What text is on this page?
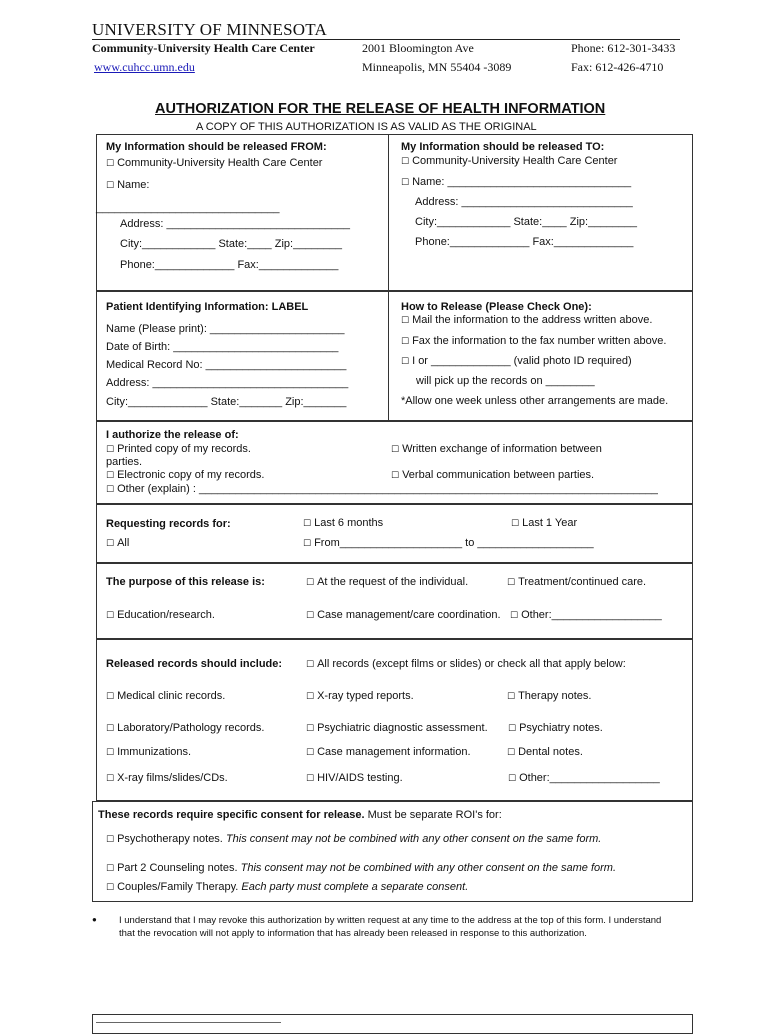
UNIVERSITY OF MINNESOTA
Community-University Health Care Center
www.cuhcc.umn.edu
2001 Bloomington Ave
Minneapolis, MN 55404 -3089
Phone: 612-301-3433
Fax: 612-426-4710
AUTHORIZATION FOR THE RELEASE OF HEALTH INFORMATION
A COPY OF THIS AUTHORIZATION IS AS VALID AS THE ORIGINAL
My Information should be released FROM:
☐ Community-University Health Care Center
☐ Name:
______________________________
Address: ______________________________
City:____________ State:____ Zip:________
Phone:_____________ Fax:_____________
My Information should be released TO:
☐ Community-University Health Care Center
☐ Name: ______________________________
Address: ____________________________
City:____________ State:____ Zip:________
Phone:_____________ Fax:_____________
Patient Identifying Information: LABEL
Name (Please print): ______________________
Date of Birth: ___________________________
Medical Record No: _______________________
Address: ________________________________
City:_____________ State:_______ Zip:_______
How to Release (Please Check One):
☐ Mail the information to the address written above.
☐ Fax the information to the fax number written above.
☐ I or _____________ (valid photo ID required)
will pick up the records on ________
*Allow one week unless other arrangements are made.
I authorize the release of:
☐ Printed copy of my records.	☐ Written exchange of information between
parties.
☐ Electronic copy of my records.	☐ Verbal communication between parties.
☐ Other (explain) : ___________________________________________________________________________
Requesting records for:	☐ Last 6 months	☐ Last 1 Year
☐ All	☐ From____________________ to ___________________
The purpose of this release is:	☐ At the request of the individual.	☐ Treatment/continued care.
☐ Education/research.	☐ Case management/care coordination. ☐ Other:__________________
Released records should include:	☐ All records (except films or slides) or check all that apply below:
☐ Medical clinic records.	☐ X-ray typed reports.	☐ Therapy notes.
☐ Laboratory/Pathology records.	☐ Psychiatric diagnostic assessment. ☐ Psychiatry notes.
☐ Immunizations.	☐ Case management information.	☐ Dental notes.
☐ X-ray films/slides/CDs.	☐ HIV/AIDS testing.	☐ Other:__________________
These records require specific consent for release. Must be separate ROI's for:
☐ Psychotherapy notes. This consent may not be combined with any other consent on the same form.
☐ Part 2 Counseling notes. This consent may not be combined with any other consent on the same form.
☐ Couples/Family Therapy. Each party must complete a separate consent.
● I understand that I may revoke this authorization by written request at any time to the address at the top of this form. I understand that the revocation will not apply to information that has already been released in response to this authorization.
